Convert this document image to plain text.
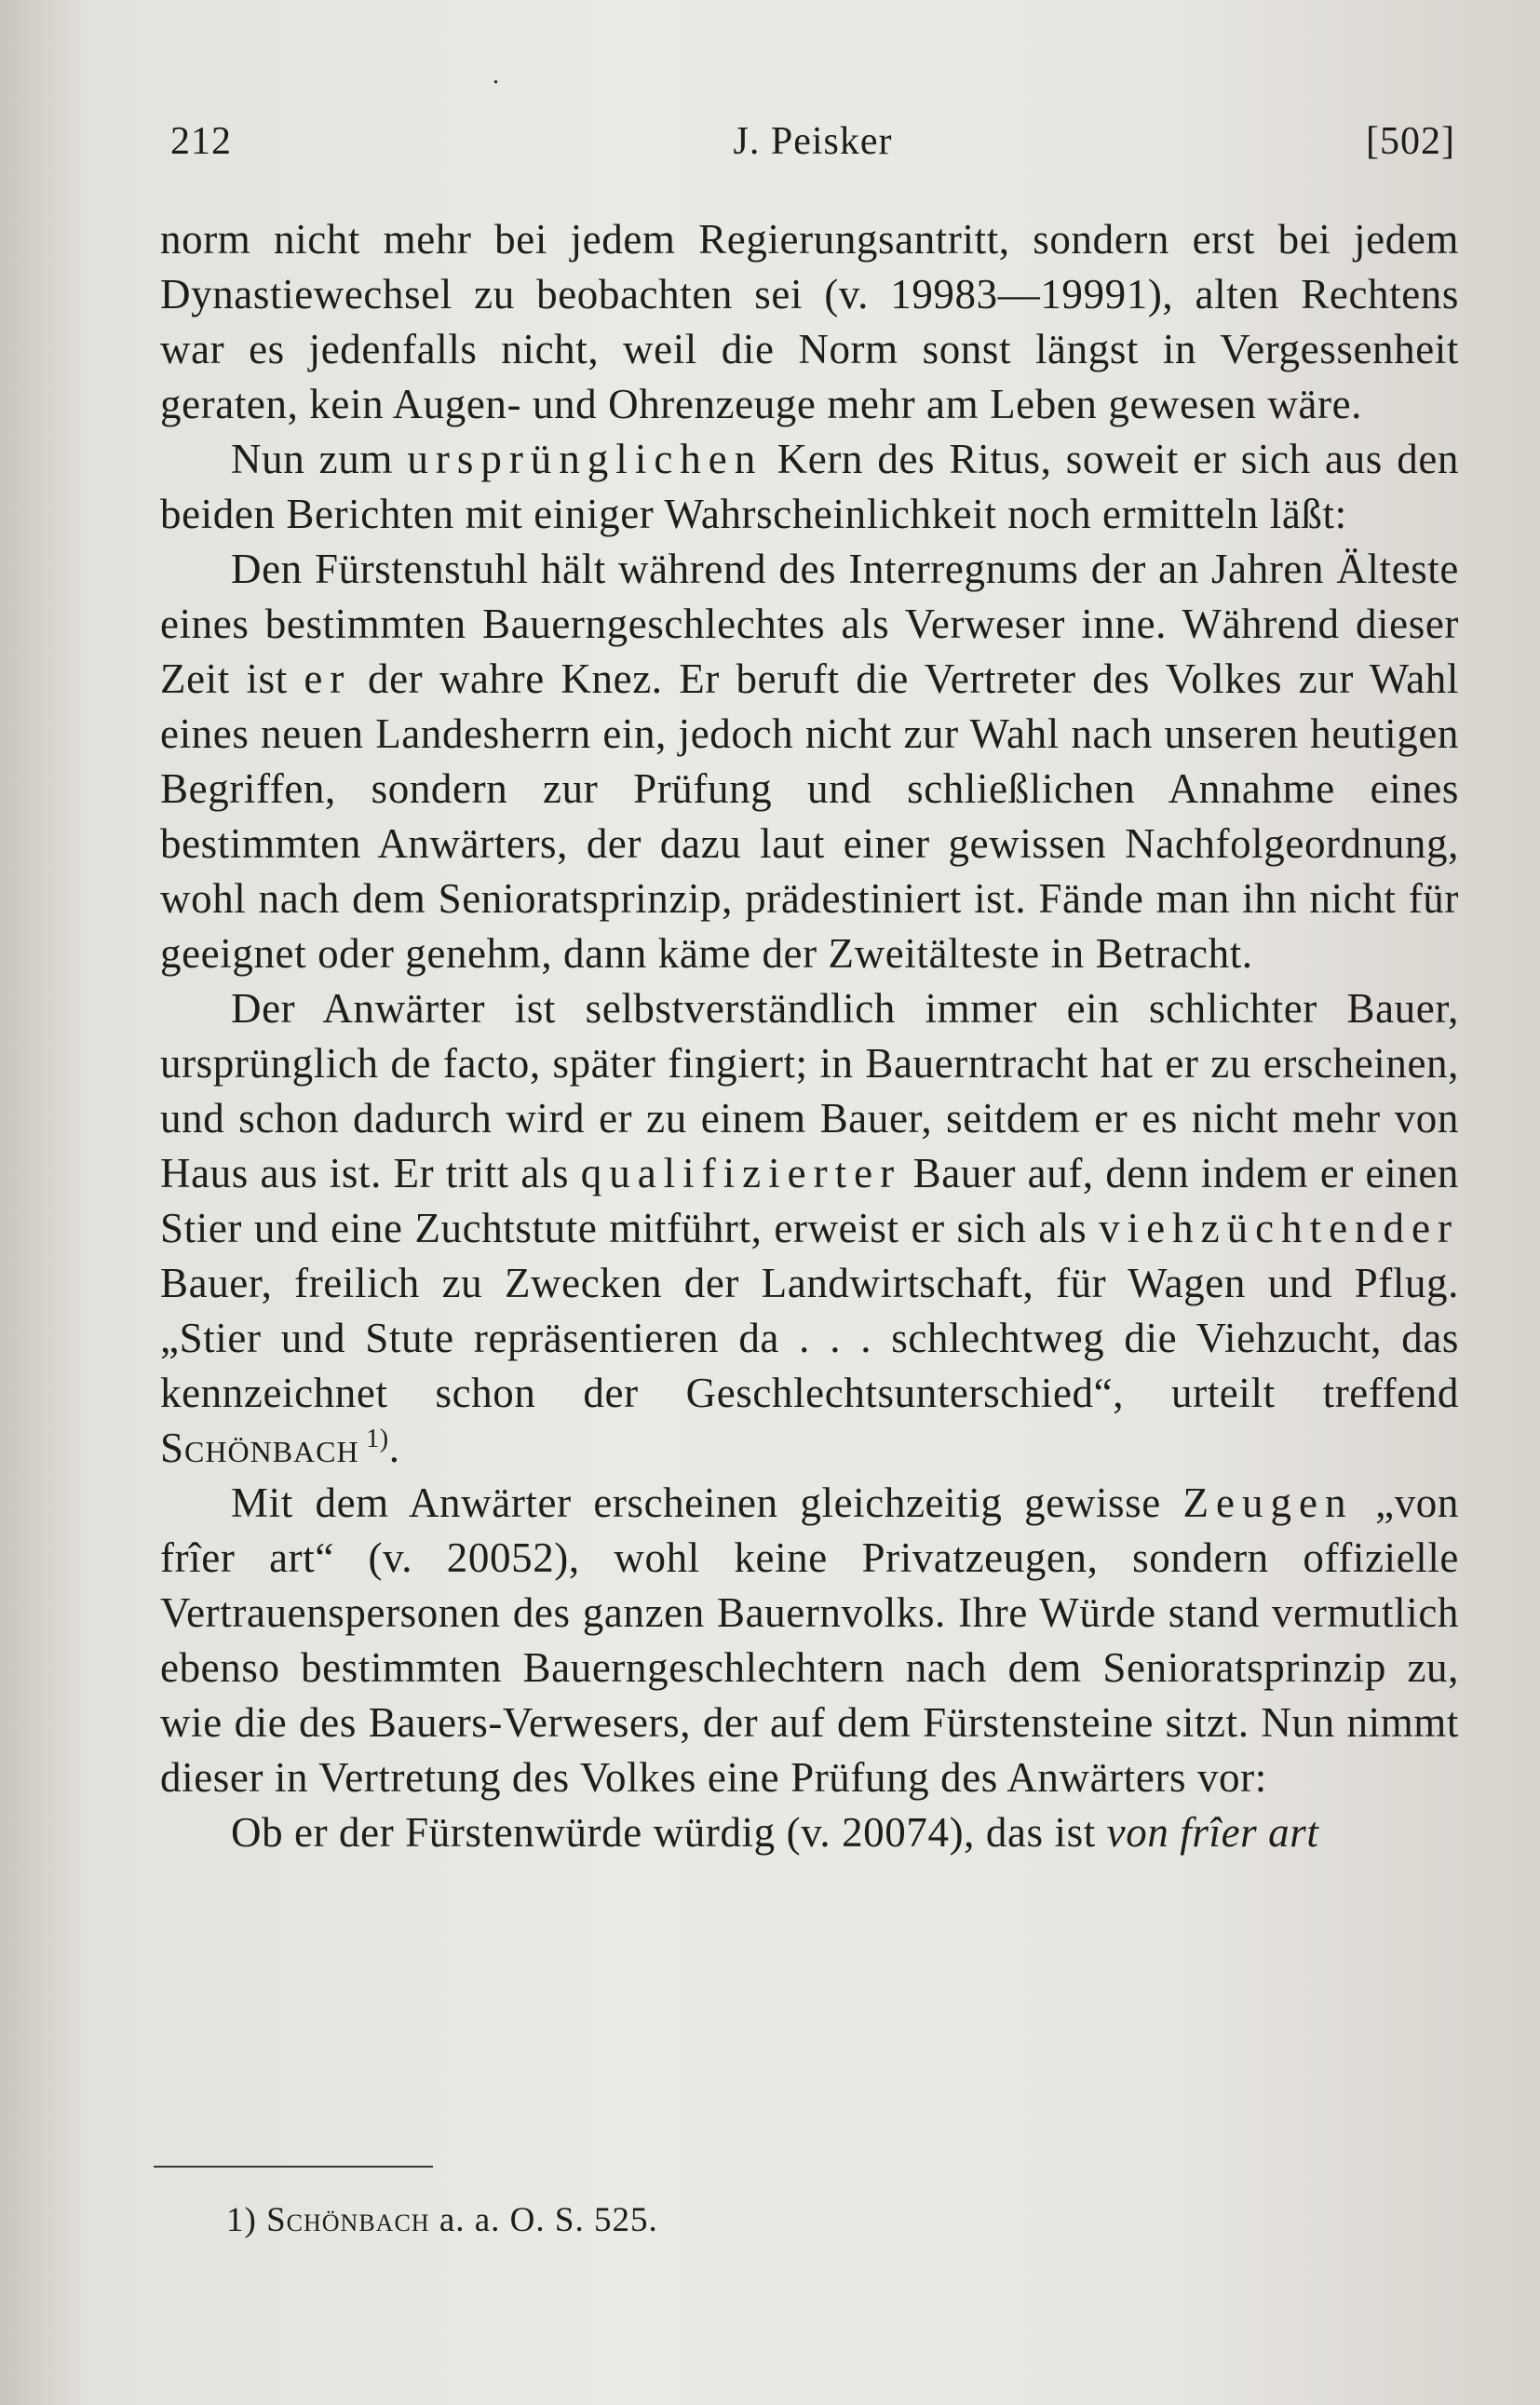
˙
212	J. Peisker	[502]

norm nicht mehr bei jedem Regierungsantritt, sondern erst bei jedem Dynastiewechsel zu beobachten sei (v. 19983—19991), alten Rechtens war es jedenfalls nicht, weil die Norm sonst längst in Vergessenheit geraten, kein Augen- und Ohrenzeuge mehr am Leben gewesen wäre.

Nun zum ursprünglichen Kern des Ritus, soweit er sich aus den beiden Berichten mit einiger Wahrscheinlichkeit noch ermitteln läßt:

Den Fürstenstuhl hält während des Interregnums der an Jahren Älteste eines bestimmten Bauerngeschlechtes als Verweser inne. Während dieser Zeit ist er der wahre Knez. Er beruft die Vertreter des Volkes zur Wahl eines neuen Landesherrn ein, jedoch nicht zur Wahl nach unseren heutigen Begriffen, sondern zur Prüfung und schließlichen Annahme eines bestimmten Anwärters, der dazu laut einer gewissen Nachfolgeordnung, wohl nach dem Senioratsprinzip, prädestiniert ist. Fände man ihn nicht für geeignet oder genehm, dann käme der Zweitälteste in Betracht.

Der Anwärter ist selbstverständlich immer ein schlichter Bauer, ursprünglich de facto, später fingiert; in Bauerntracht hat er zu erscheinen, und schon dadurch wird er zu einem Bauer, seitdem er es nicht mehr von Haus aus ist. Er tritt als qualifizierter Bauer auf, denn indem er einen Stier und eine Zuchtstute mitführt, erweist er sich als viehzüchtender Bauer, freilich zu Zwecken der Landwirtschaft, für Wagen und Pflug. „Stier und Stute repräsentieren da . . . schlechtweg die Viehzucht, das kennzeichnet schon der Geschlechtsunterschied“, urteilt treffend Schönbach $^{1)}$.

Mit dem Anwärter erscheinen gleichzeitig gewisse Zeugen „von frîer art“ (v. 20052), wohl keine Privatzeugen, sondern offizielle Vertrauenspersonen des ganzen Bauernvolks. Ihre Würde stand vermutlich ebenso bestimmten Bauerngeschlechtern nach dem Senioratsprinzip zu, wie die des Bauers-Verwesers, der auf dem Fürstensteine sitzt. Nun nimmt dieser in Vertretung des Volkes eine Prüfung des Anwärters vor:

Ob er der Fürstenwürde würdig (v. 20074), das ist von frîer art

1) Schönbach a. a. O. S. 525.
